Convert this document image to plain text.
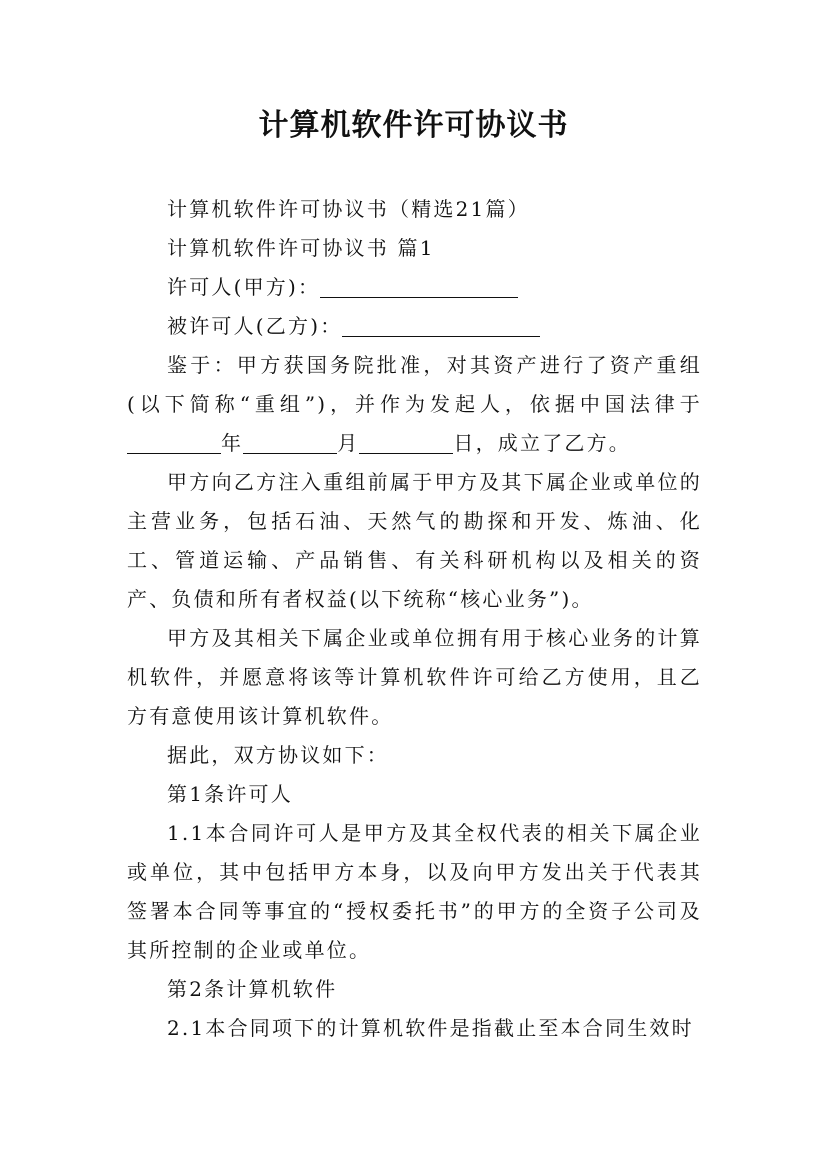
计算机软件许可协议书

计算机软件许可协议书（精选21篇）

计算机软件许可协议书 篇1

许可人(甲方)：

被许可人(乙方)：

鉴于：甲方获国务院批准，对其资产进行了资产重组(以下简称“重组”)，并作为发起人，依据中国法律于年	月	日，成立了乙方。

甲方向乙方注入重组前属于甲方及其下属企业或单位的主营业务，包括石油、天然气的勘探和开发、炼油、化工、管道运输、产品销售、有关科研机构以及相关的资产、负债和所有者权益(以下统称“核心业务”)。

甲方及其相关下属企业或单位拥有用于核心业务的计算机软件，并愿意将该等计算机软件许可给乙方使用，且乙方有意使用该计算机软件。

据此，双方协议如下：

第1条许可人

1.1本合同许可人是甲方及其全权代表的相关下属企业或单位，其中包括甲方本身，以及向甲方发出关于代表其签署本合同等事宜的“授权委托书”的甲方的全资子公司及其所控制的企业或单位。

第2条计算机软件

2.1本合同项下的计算机软件是指截止至本合同生效时
